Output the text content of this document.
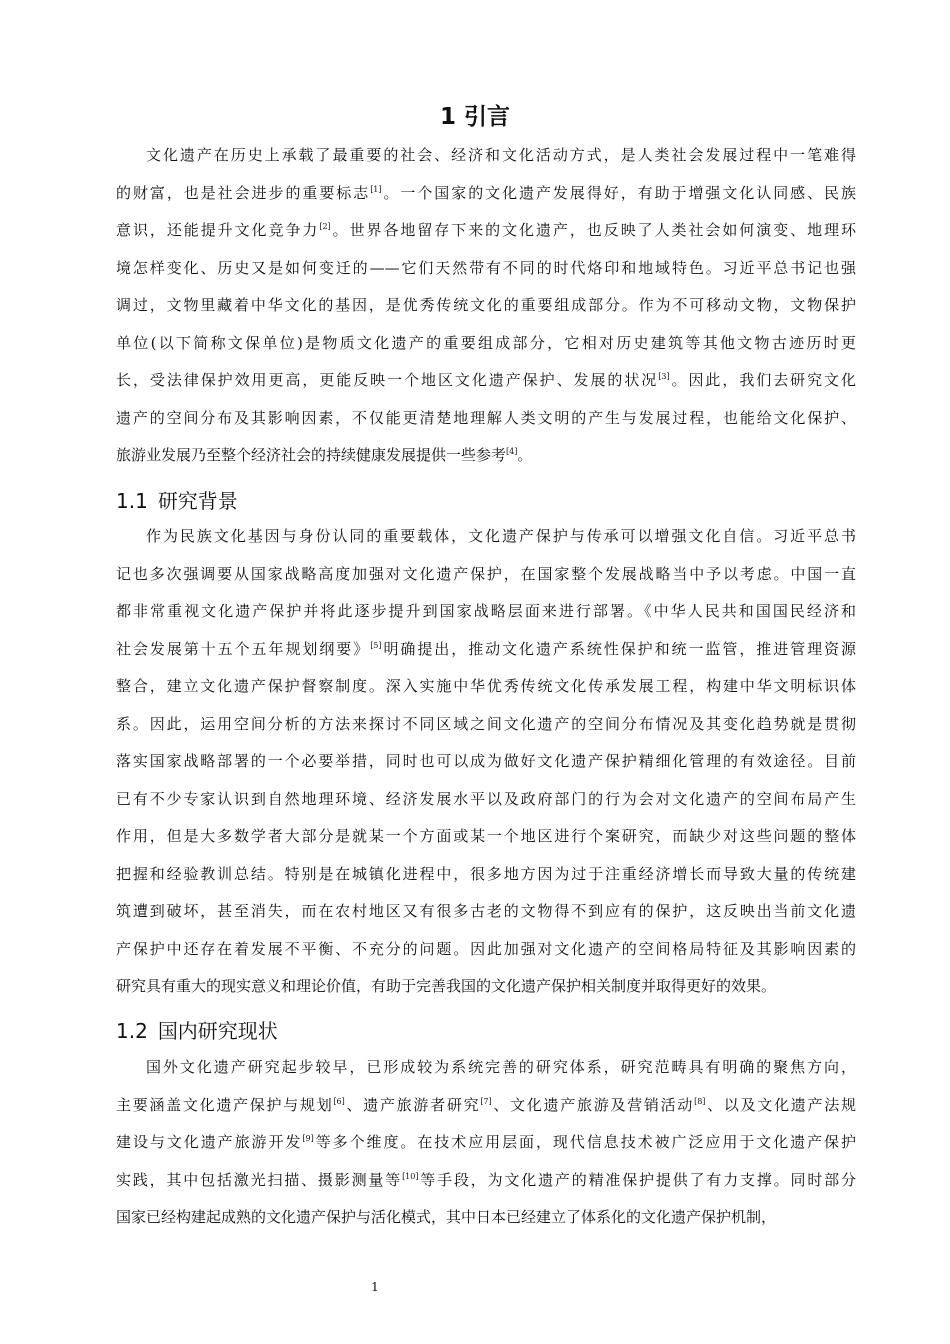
1 引言
文化遗产在历史上承载了最重要的社会、经济和文化活动方式，是人类社会发展过程中一笔难得
的财富，也是社会进步的重要标志[1]。一个国家的文化遗产发展得好，有助于增强文化认同感、民族
意识，还能提升文化竞争力[2]。世界各地留存下来的文化遗产，也反映了人类社会如何演变、地理环
境怎样变化、历史又是如何变迁的——它们天然带有不同的时代烙印和地域特色。习近平总书记也强
调过，文物里藏着中华文化的基因，是优秀传统文化的重要组成部分。作为不可移动文物，文物保护
单位(以下简称文保单位)是物质文化遗产的重要组成部分，它相对历史建筑等其他文物古迹历时更
长，受法律保护效用更高，更能反映一个地区文化遗产保护、发展的状况[3]。因此，我们去研究文化
遗产的空间分布及其影响因素，不仅能更清楚地理解人类文明的产生与发展过程，也能给文化保护、
旅游业发展乃至整个经济社会的持续健康发展提供一些参考[4]。
1.1 研究背景
作为民族文化基因与身份认同的重要载体，文化遗产保护与传承可以增强文化自信。习近平总书
记也多次强调要从国家战略高度加强对文化遗产保护，在国家整个发展战略当中予以考虑。中国一直
都非常重视文化遗产保护并将此逐步提升到国家战略层面来进行部署。《中华人民共和国国民经济和
社会发展第十五个五年规划纲要》[5]明确提出，推动文化遗产系统性保护和统一监管，推进管理资源
整合，建立文化遗产保护督察制度。深入实施中华优秀传统文化传承发展工程，构建中华文明标识体
系。因此，运用空间分析的方法来探讨不同区域之间文化遗产的空间分布情况及其变化趋势就是贯彻
落实国家战略部署的一个必要举措，同时也可以成为做好文化遗产保护精细化管理的有效途径。目前
已有不少专家认识到自然地理环境、经济发展水平以及政府部门的行为会对文化遗产的空间布局产生
作用，但是大多数学者大部分是就某一个方面或某一个地区进行个案研究，而缺少对这些问题的整体
把握和经验教训总结。特别是在城镇化进程中，很多地方因为过于注重经济增长而导致大量的传统建
筑遭到破坏，甚至消失，而在农村地区又有很多古老的文物得不到应有的保护，这反映出当前文化遗
产保护中还存在着发展不平衡、不充分的问题。因此加强对文化遗产的空间格局特征及其影响因素的
研究具有重大的现实意义和理论价值，有助于完善我国的文化遗产保护相关制度并取得更好的效果。
1.2 国内研究现状
国外文化遗产研究起步较早，已形成较为系统完善的研究体系，研究范畴具有明确的聚焦方向，
主要涵盖文化遗产保护与规划[6]、遗产旅游者研究[7]、文化遗产旅游及营销活动[8]、以及文化遗产法规
建设与文化遗产旅游开发[9]等多个维度。在技术应用层面，现代信息技术被广泛应用于文化遗产保护
实践，其中包括激光扫描、摄影测量等[10]等手段，为文化遗产的精准保护提供了有力支撑。同时部分
国家已经构建起成熟的文化遗产保护与活化模式，其中日本已经建立了体系化的文化遗产保护机制，
1
